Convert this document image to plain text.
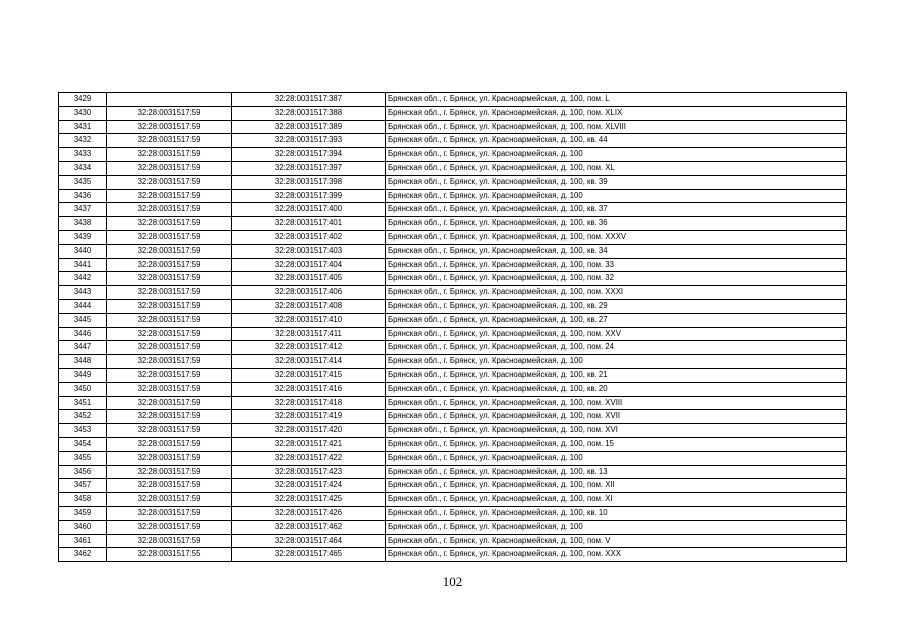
3429		32:28:0031517:387	Брянская обл., г. Брянск, ул. Красноармейская, д. 100, пом. L
3430	32:28:0031517:59	32:28:0031517:388	Брянская обл., г. Брянск, ул. Красноармейская, д. 100, пом. XLIX
3431	32:28:0031517:59	32:28:0031517:389	Брянская обл., г. Брянск, ул. Красноармейская, д. 100, пом. XLVIII
3432	32:28:0031517:59	32:28:0031517:393	Брянская обл., г. Брянск, ул. Красноармейская, д. 100, кв. 44
3433	32:28:0031517:59	32:28:0031517:394	Брянская обл., г. Брянск, ул. Красноармейская, д. 100
3434	32:28:0031517:59	32:28:0031517:397	Брянская обл., г. Брянск, ул. Красноармейская, д. 100, пом. XL
3435	32:28:0031517:59	32:28:0031517:398	Брянская обл., г. Брянск, ул. Красноармейская, д. 100, кв. 39
3436	32:28:0031517:59	32:28:0031517:399	Брянская обл., г. Брянск, ул. Красноармейская, д. 100
3437	32:28:0031517:59	32:28:0031517:400	Брянская обл., г. Брянск, ул. Красноармейская, д. 100, кв. 37
3438	32:28:0031517:59	32:28:0031517:401	Брянская обл., г. Брянск, ул. Красноармейская, д. 100, кв. 36
3439	32:28:0031517:59	32:28:0031517:402	Брянская обл., г. Брянск, ул. Красноармейская, д. 100, пом. XXXV
3440	32:28:0031517:59	32:28:0031517:403	Брянская обл., г. Брянск, ул. Красноармейская, д. 100, кв. 34
3441	32:28:0031517:59	32:28:0031517:404	Брянская обл., г. Брянск, ул. Красноармейская, д. 100, пом. 33
3442	32:28:0031517:59	32:28:0031517:405	Брянская обл., г. Брянск, ул. Красноармейская, д. 100, пом. 32
3443	32:28:0031517:59	32:28:0031517:406	Брянская обл., г. Брянск, ул. Красноармейская, д. 100, пом. XXXI
3444	32:28:0031517:59	32:28:0031517:408	Брянская обл., г. Брянск, ул. Красноармейская, д. 100, кв. 29
3445	32:28:0031517:59	32:28:0031517:410	Брянская обл., г. Брянск, ул. Красноармейская, д. 100, кв. 27
3446	32:28:0031517:59	32:28:0031517:411	Брянская обл., г. Брянск, ул. Красноармейская, д. 100, пом. XXV
3447	32:28:0031517:59	32:28:0031517:412	Брянская обл., г. Брянск, ул. Красноармейская, д. 100, пом. 24
3448	32:28:0031517:59	32:28:0031517:414	Брянская обл., г. Брянск, ул. Красноармейская, д. 100
3449	32:28:0031517:59	32:28:0031517:415	Брянская обл., г. Брянск, ул. Красноармейская, д. 100, кв. 21
3450	32:28:0031517:59	32:28:0031517:416	Брянская обл., г. Брянск, ул. Красноармейская, д. 100, кв. 20
3451	32:28:0031517:59	32:28:0031517:418	Брянская обл., г. Брянск, ул. Красноармейская, д. 100, пом. XVIII
3452	32:28:0031517:59	32:28:0031517:419	Брянская обл., г. Брянск, ул. Красноармейская, д. 100, пом. XVII
3453	32:28:0031517:59	32:28:0031517:420	Брянская обл., г. Брянск, ул. Красноармейская, д. 100, пом. XVI
3454	32:28:0031517:59	32:28:0031517:421	Брянская обл., г. Брянск, ул. Красноармейская, д. 100, пом. 15
3455	32:28:0031517:59	32:28:0031517:422	Брянская обл., г. Брянск, ул. Красноармейская, д. 100
3456	32:28:0031517:59	32:28:0031517:423	Брянская обл., г. Брянск, ул. Красноармейская, д. 100, кв. 13
3457	32:28:0031517:59	32:28:0031517:424	Брянская обл., г. Брянск, ул. Красноармейская, д. 100, пом. XII
3458	32:28:0031517:59	32:28:0031517:425	Брянская обл., г. Брянск, ул. Красноармейская, д. 100, пом. XI
3459	32:28:0031517:59	32:28:0031517:426	Брянская обл., г. Брянск, ул. Красноармейская, д. 100, кв. 10
3460	32:28:0031517:59	32:28:0031517:462	Брянская обл., г. Брянск, ул. Красноармейская, д. 100
3461	32:28:0031517:59	32:28:0031517:464	Брянская обл., г. Брянск, ул. Красноармейская, д. 100, пом. V
3462	32:28:0031517:55	32:28:0031517:465	Брянская обл., г. Брянск, ул. Красноармейская, д. 100, пом. XXX
102
